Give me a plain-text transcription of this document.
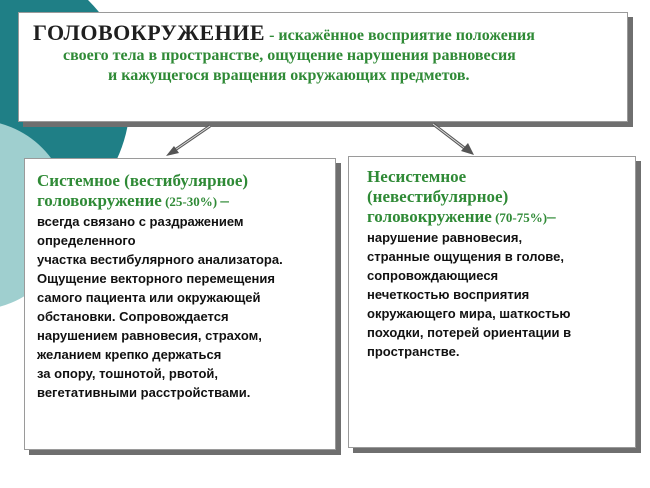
ГОЛОВОКРУЖЕНИЕ - искажённое восприятие положения
своего тела в пространстве, ощущение нарушения равновесия
и кажущегося вращения окружающих предметов.
Системное (вестибулярное)
головокружение (25-30%) –
всегда связано с раздражением
определенного
участка вестибулярного анализатора.
Ощущение векторного перемещения
самого пациента или окружающей
обстановки. Сопровождается
нарушением равновесия, страхом,
желанием крепко держаться
за опору, тошнотой, рвотой,
вегетативными расстройствами.
Несистемное
(невестибулярное)
головокружение (70-75%)–
нарушение равновесия,
странные ощущения в голове,
сопровождающиеся
нечеткостью восприятия
окружающего мира, шаткостью
походки, потерей ориентации в
пространстве.
